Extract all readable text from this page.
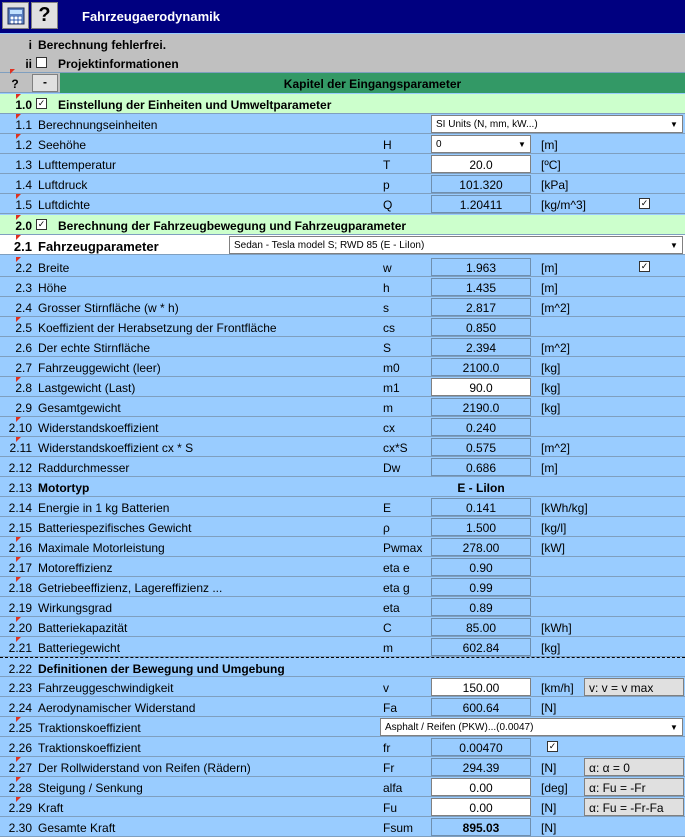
?	Fahrzeugaerodynamik
i Berechnung fehlerfrei.
ii Projektinformationen
?	-	Kapitel der Eingangsparameter
1.0 ✓ Einstellung der Einheiten und Umweltparameter
1.1 Berechnungseinheiten	SI Units (N, mm, kW...)	▼
1.2 Seehöhe	H	0	▼ [m]
1.3 Lufttemperatur	T	20.0	[ºC]
1.4 Luftdruck	p	101.320	[kPa]
1.5 Luftdichte	Q	1.20411	[kg/m^3]	✓
2.0 ✓ Berechnung der Fahrzeugbewegung und Fahrzeugparameter
2.1 Fahrzeugparameter	Sedan - Tesla model S; RWD 85 (E - LiIon)	▼
2.2 Breite	w	1.963	[m]	✓
2.3 Höhe	h	1.435	[m]
2.4 Grosser Stirnfläche (w * h)	s	2.817	[m^2]
2.5 Koeffizient der Herabsetzung der Frontfläche	cs	0.850
2.6 Der echte Stirnfläche	S	2.394	[m^2]
2.7 Fahrzeuggewicht (leer)	m0	2100.0	[kg]
2.8 Lastgewicht (Last)	m1	90.0	[kg]
2.9 Gesamtgewicht	m	2190.0	[kg]
2.10 Widerstandskoeffizient	cx	0.240
2.11 Widerstandskoeffizient cx * S	cx*S	0.575	[m^2]
2.12 Raddurchmesser	Dw	0.686	[m]
2.13 Motortyp	E - LiIon
2.14 Energie in 1 kg Batterien	E	0.141	[kWh/kg]
2.15 Batteriespezifisches Gewicht	ρ	1.500	[kg/l]
2.16 Maximale Motorleistung	Pwmax	278.00	[kW]
2.17 Motoreffizienz	eta e	0.90
2.18 Getriebeeffizienz, Lagereffizienz ...	eta g	0.99
2.19 Wirkungsgrad	eta	0.89
2.20 Batteriekapazität	C	85.00	[kWh]
2.21 Batteriegewicht	m	602.84	[kg]
2.22 Definitionen der Bewegung und Umgebung
2.23 Fahrzeuggeschwindigkeit	v	150.00	[km/h]	v: v = v max
2.24 Aerodynamischer Widerstand	Fa	600.64	[N]
2.25 Traktionskoeffizient	Asphalt / Reifen (PKW)...(0.0047)	▼
2.26 Traktionskoeffizient	fr	0.00470	✓
2.27 Der Rollwiderstand von Reifen (Rädern)	Fr	294.39	[N]	α: α = 0
2.28 Steigung / Senkung	alfa	0.00	[deg]	α: Fu = -Fr
2.29 Kraft	Fu	0.00	[N]	α: Fu = -Fr-Fa
2.30 Gesamte Kraft	Fsum	895.03	[N]
